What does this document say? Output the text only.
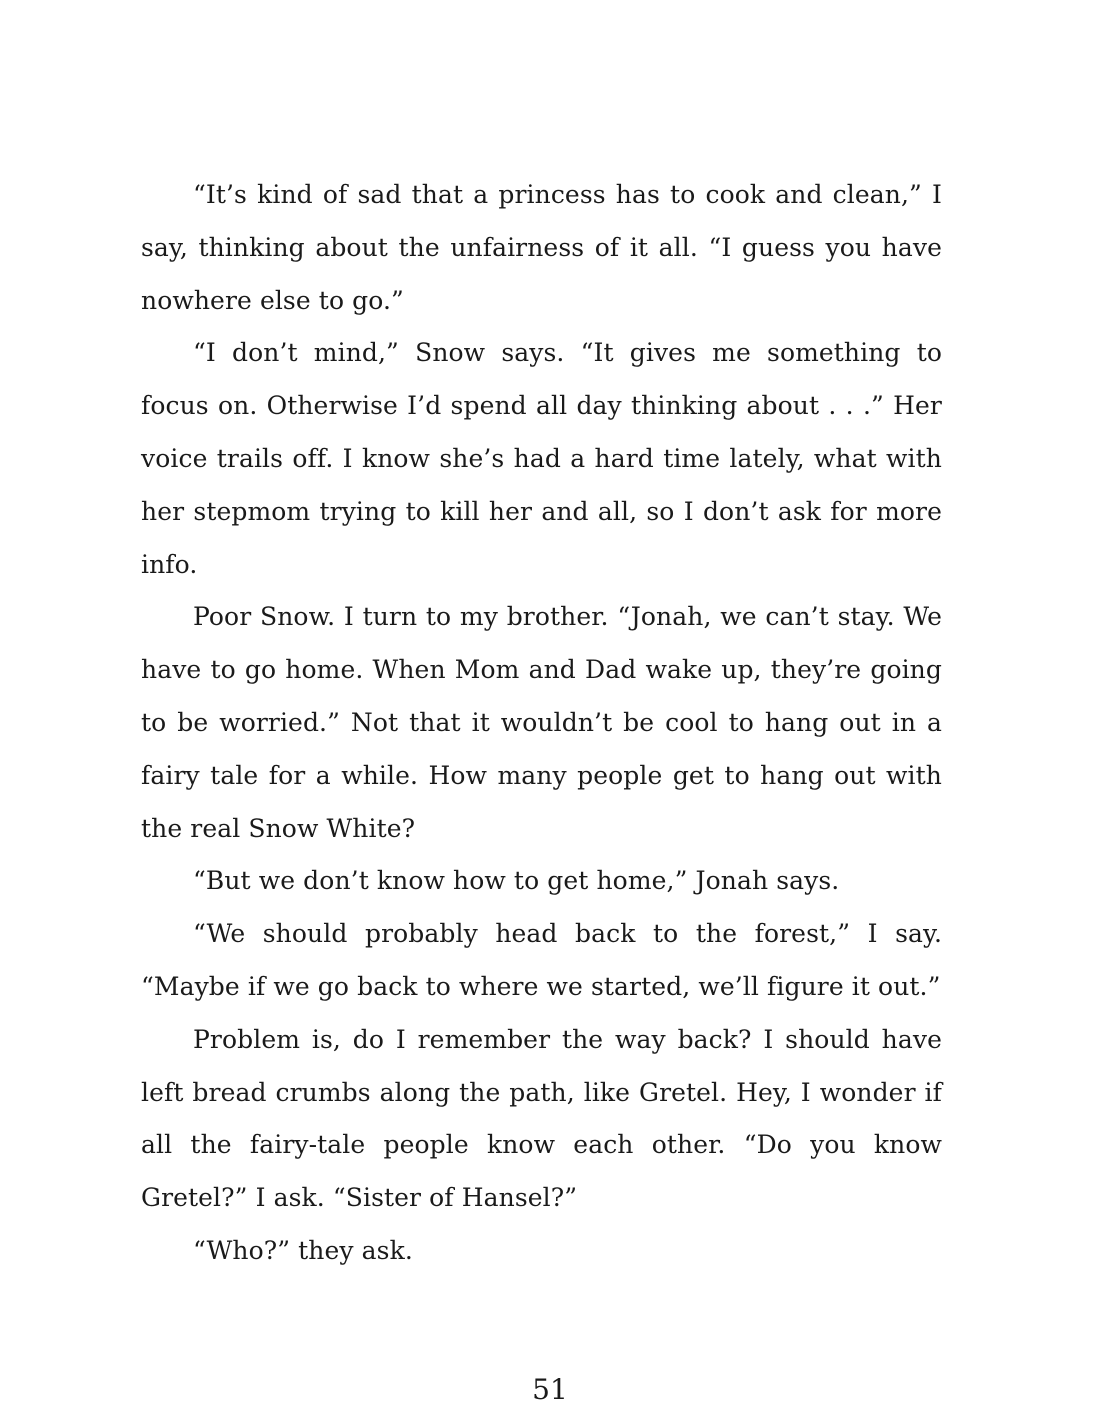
“It’s kind of sad that a princess has to cook and clean,” I say, thinking about the unfairness of it all. “I guess you have nowhere else to go.”

“I don’t mind,” Snow says. “It gives me something to focus on. Otherwise I’d spend all day thinking about . . .” Her voice trails off. I know she’s had a hard time lately, what with her stepmom trying to kill her and all, so I don’t ask for more info.

Poor Snow. I turn to my brother. “Jonah, we can’t stay. We have to go home. When Mom and Dad wake up, they’re going to be worried.” Not that it wouldn’t be cool to hang out in a fairy tale for a while. How many people get to hang out with the real Snow White?

“But we don’t know how to get home,” Jonah says.

“We should probably head back to the forest,” I say. “Maybe if we go back to where we started, we’ll figure it out.”

Problem is, do I remember the way back? I should have left bread crumbs along the path, like Gretel. Hey, I wonder if all the fairy-tale people know each other. “Do you know Gretel?” I ask. “Sister of Hansel?”

“Who?” they ask.

51
